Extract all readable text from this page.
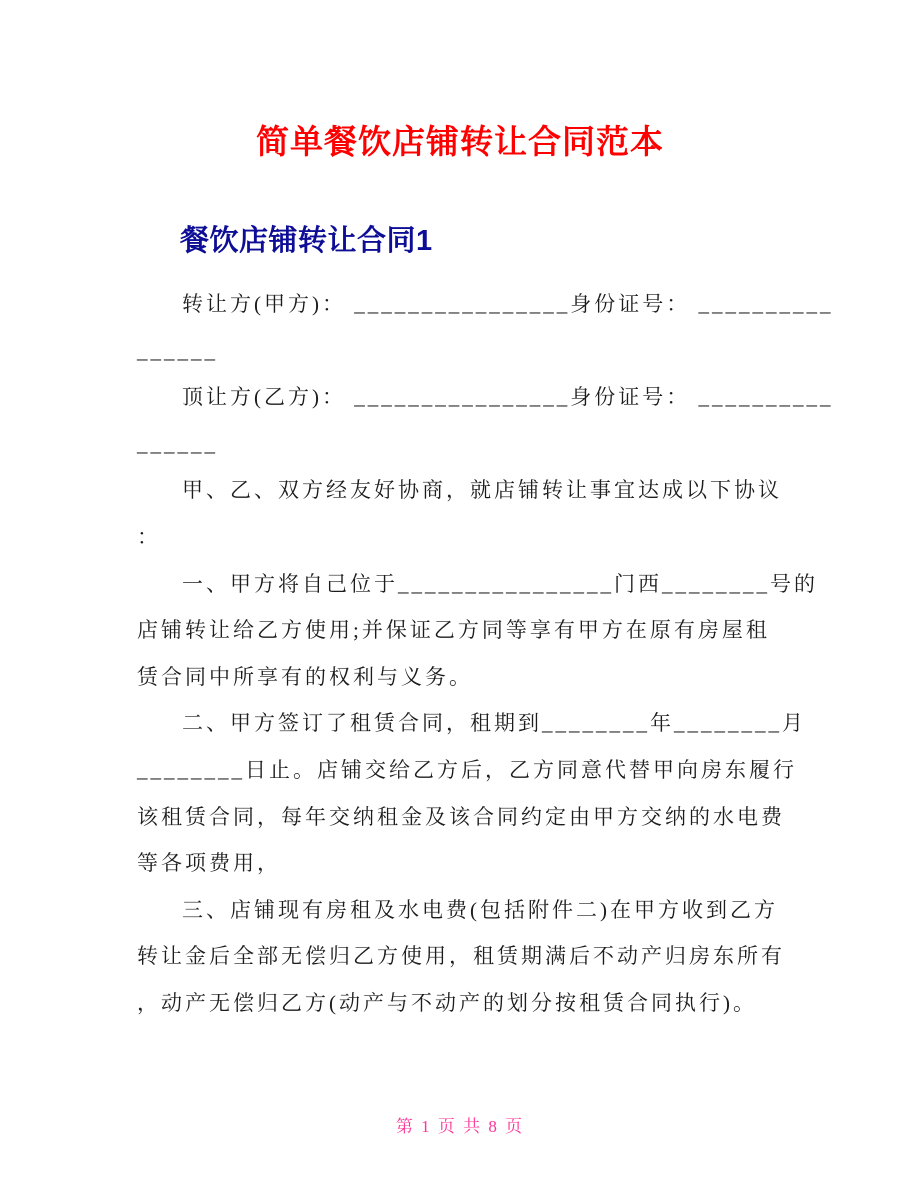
简单餐饮店铺转让合同范本
餐饮店铺转让合同1
转让方(甲方)： ________________身份证号： __________
______
顶让方(乙方)： ________________身份证号： __________
______
甲、乙、双方经友好协商，就店铺转让事宜达成以下协议
：
一、甲方将自己位于________________门西________号的
店铺转让给乙方使用;并保证乙方同等享有甲方在原有房屋租
赁合同中所享有的权利与义务。
二、甲方签订了租赁合同，租期到________年________月
________日止。店铺交给乙方后，乙方同意代替甲向房东履行
该租赁合同，每年交纳租金及该合同约定由甲方交纳的水电费
等各项费用，
三、店铺现有房租及水电费(包括附件二)在甲方收到乙方
转让金后全部无偿归乙方使用，租赁期满后不动产归房东所有
，动产无偿归乙方(动产与不动产的划分按租赁合同执行)。
第 1 页 共 8 页
